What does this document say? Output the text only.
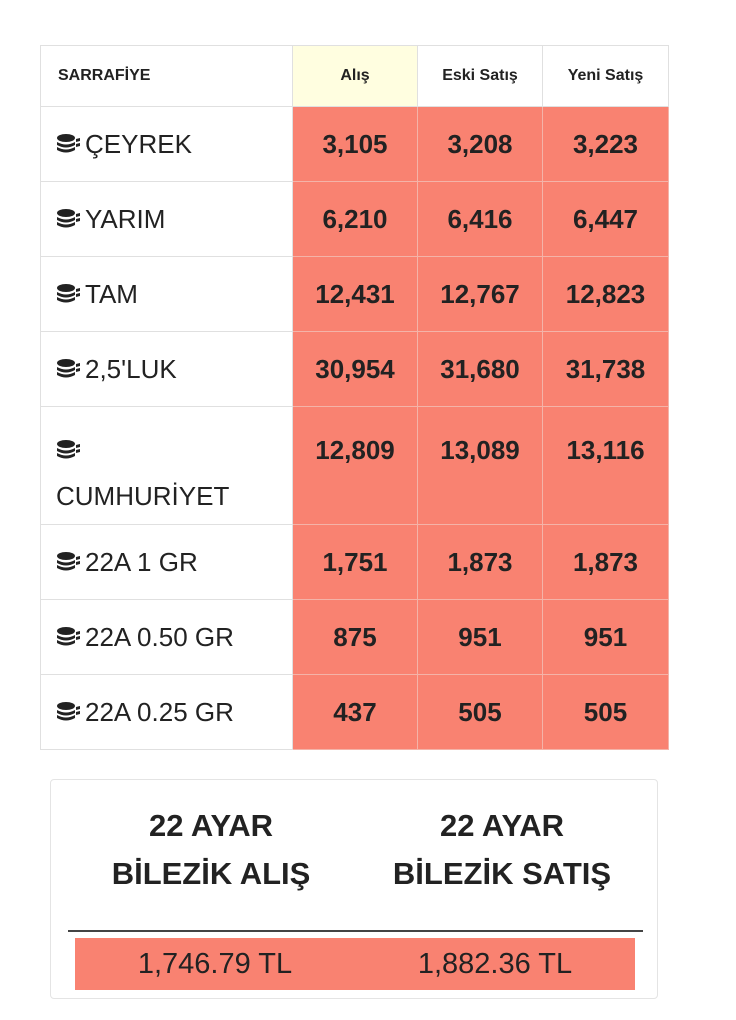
SARRAFİYE	Alış	Eski Satış	Yeni Satış

ÇEYREK	3,105	3,208	3,223

YARIM	6,210	6,416	6,447

TAM	12,431	12,767	12,823

2,5'LUK	30,954	31,680	31,738

CUMHURİYET	12,809	13,089	13,116

22A 1 GR	1,751	1,873	1,873

22A 0.50 GR	875	951	951

22A 0.25 GR	437	505	505
22 AYAR
BİLEZİK ALIŞ
22 AYAR
BİLEZİK SATIŞ
1,746.79 TL	1,882.36 TL
